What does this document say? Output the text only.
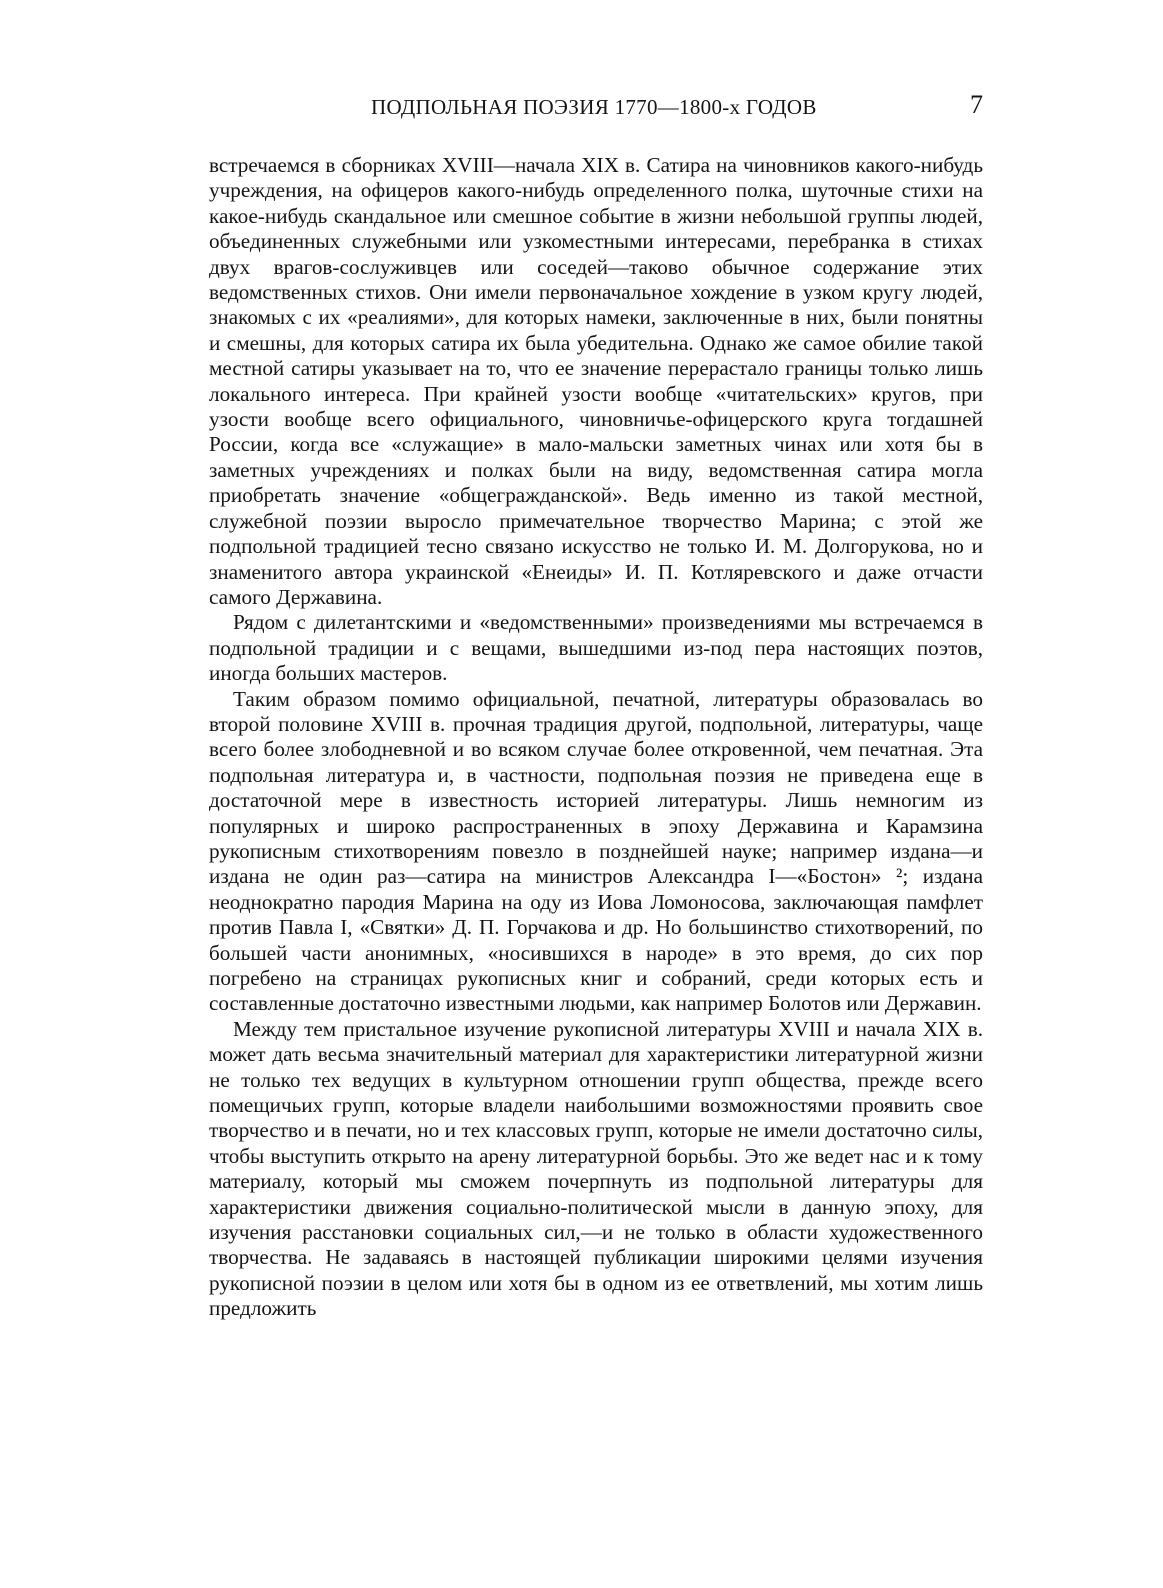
ПОДПОЛЬНАЯ ПОЭЗИЯ 1770—1800-х ГОДОВ	7

встречаемся в сборниках XVIII—начала XIX в. Сатира на чиновников какого-нибудь учреждения, на офицеров какого-нибудь определенного полка, шуточные стихи на какое-нибудь скандальное или смешное событие в жизни небольшой группы людей, объединенных служебными или узкоместными интересами, перебранка в стихах двух врагов-сослуживцев или соседей—таково обычное содержание этих ведомственных стихов. Они имели первоначальное хождение в узком кругу людей, знакомых с их «реалиями», для которых намеки, заключенные в них, были понятны и смешны, для которых сатира их была убедительна. Однако же самое обилие такой местной сатиры указывает на то, что ее значение перерастало границы только лишь локального интереса. При крайней узости вообще «читательских» кругов, при узости вообще всего официального, чиновничье-офицерского круга тогдашней России, когда все «служащие» в мало-мальски заметных чинах или хотя бы в заметных учреждениях и полках были на виду, ведомственная сатира могла приобретать значение «общегражданской». Ведь именно из такой местной, служебной поэзии выросло примечательное творчество Марина; с этой же подпольной традицией тесно связано искусство не только И. М. Долгорукова, но и знаменитого автора украинской «Енеиды» И. П. Котляревского и даже отчасти самого Державина.

Рядом с дилетантскими и «ведомственными» произведениями мы встречаемся в подпольной традиции и с вещами, вышедшими из-под пера настоящих поэтов, иногда больших мастеров.

Таким образом помимо официальной, печатной, литературы образовалась во второй половине XVIII в. прочная традиция другой, подпольной, литературы, чаще всего более злободневной и во всяком случае более откровенной, чем печатная. Эта подпольная литература и, в частности, подпольная поэзия не приведена еще в достаточной мере в известность историей литературы. Лишь немногим из популярных и широко распространенных в эпоху Державина и Карамзина рукописным стихотворениям повезло в позднейшей науке; например издана—и издана не один раз—сатира на министров Александра I—«Бостон» ²; издана неоднократно пародия Марина на оду из Иова Ломоносова, заключающая памфлет против Павла I, «Святки» Д. П. Горчакова и др. Но большинство стихотворений, по большей части анонимных, «носившихся в народе» в это время, до сих пор погребено на страницах рукописных книг и собраний, среди которых есть и составленные достаточно известными людьми, как например Болотов или Державин.

Между тем пристальное изучение рукописной литературы XVIII и начала XIX в. может дать весьма значительный материал для характеристики литературной жизни не только тех ведущих в культурном отношении групп общества, прежде всего помещичьих групп, которые владели наибольшими возможностями проявить свое творчество и в печати, но и тех классовых групп, которые не имели достаточно силы, чтобы выступить открыто на арену литературной борьбы. Это же ведет нас и к тому материалу, который мы сможем почерпнуть из подпольной литературы для характеристики движения социально-политической мысли в данную эпоху, для изучения расстановки социальных сил,—и не только в области художественного творчества. Не задаваясь в настоящей публикации широкими целями изучения рукописной поэзии в целом или хотя бы в одном из ее ответвлений, мы хотим лишь предложить
